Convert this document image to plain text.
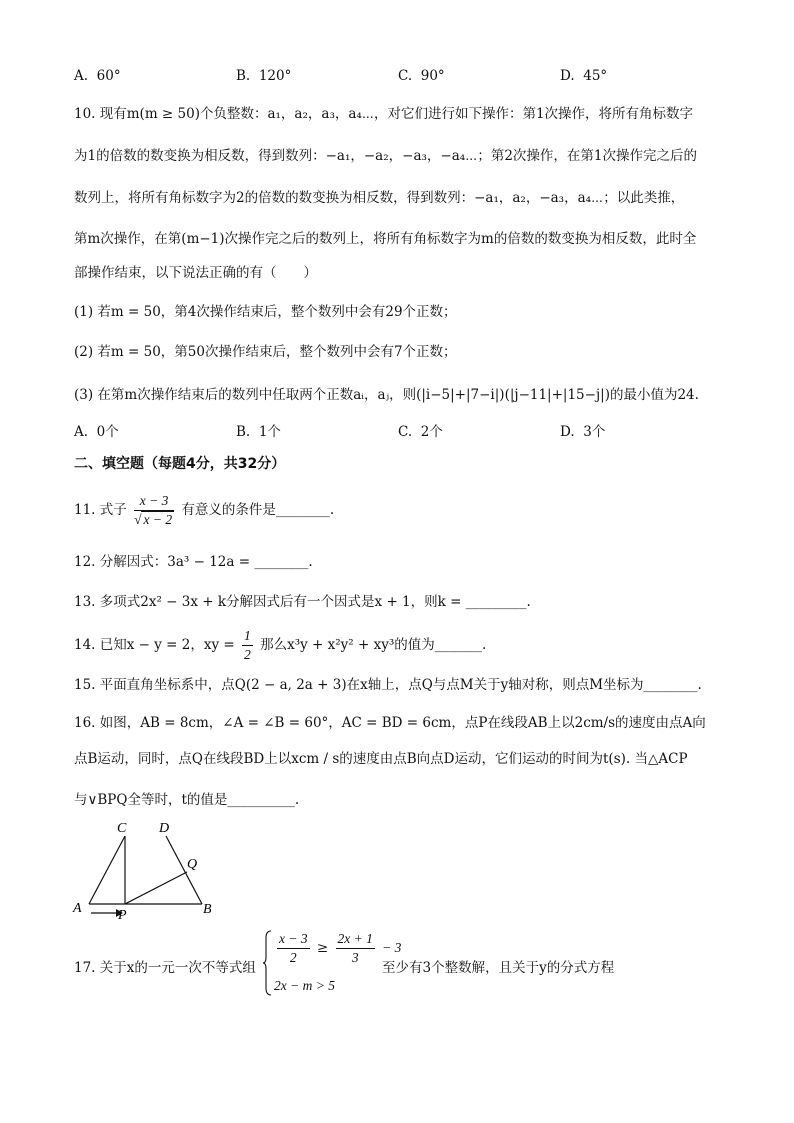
A. 60°	B. 120°	C. 90°	D. 45°
10. 现有m(m ≥ 50)个负整数：a₁，a₂，a₃，a₄⋯，对它们进行如下操作：第1次操作，将所有角标数字
为1的倍数的数变换为相反数，得到数列：−a₁，−a₂，−a₃，−a₄⋯；第2次操作，在第1次操作完之后的
数列上，将所有角标数字为2的倍数的数变换为相反数，得到数列：−a₁，a₂，−a₃，a₄⋯；以此类推，
第m次操作，在第(m−1)次操作完之后的数列上，将所有角标数字为m的倍数的数变换为相反数，此时全
部操作结束，以下说法正确的有（　　）
(1) 若m = 50，第4次操作结束后，整个数列中会有29个正数；
(2) 若m = 50，第50次操作结束后，整个数列中会有7个正数；
(3) 在第m次操作结束后的数列中任取两个正数aᵢ，aⱼ，则(|i−5|+|7−i|)(|j−11|+|15−j|)的最小值为24.
A. 0个	B. 1个	C. 2个	D. 3个
二、填空题（每题4分，共32分）
11. 式子 $\frac{x - 3}{√ x - 2}$ 有意义的条件是________.
12. 分解因式：3a³ − 12a = ________.
13. 多项式2x² − 3x + k分解因式后有一个因式是x + 1，则k = _________.
14. 已知x − y = 2，xy = $\frac{1}{2}$ 那么x³y + x²y² + xy³的值为_______.
15. 平面直角坐标系中，点Q(2 − a, 2a + 3)在x轴上，点Q与点M关于y轴对称，则点M坐标为________.
16. 如图，AB = 8cm，∠A = ∠B = 60°，AC = BD = 6cm，点P在线段AB上以2cm/s的速度由点A向
点B运动，同时，点Q在线段BD上以xcm / s的速度由点B向点D运动，它们运动的时间为t(s). 当△ACP
与∨BPQ全等时，t的值是__________.
C D
Q
A	P	B
17. 关于x的一元一次不等式组
$\frac{x - 3}{2} \ge \frac{2x + 1}{3} - 3$
2x − m > 5
至少有3个整数解，且关于y的分式方程
